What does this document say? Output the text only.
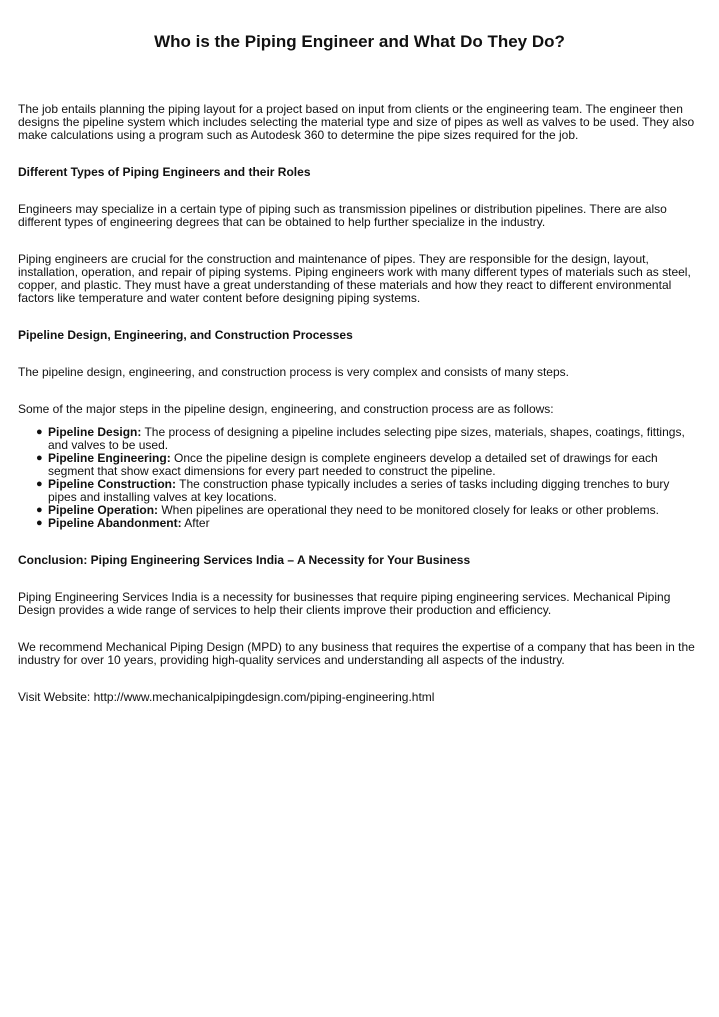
Who is the Piping Engineer and What Do They Do?

The job entails planning the piping layout for a project based on input from clients or the engineering team. The engineer then designs the pipeline system which includes selecting the material type and size of pipes as well as valves to be used. They also make calculations using a program such as Autodesk 360 to determine the pipe sizes required for the job.

Different Types of Piping Engineers and their Roles

Engineers may specialize in a certain type of piping such as transmission pipelines or distribution pipelines. There are also different types of engineering degrees that can be obtained to help further specialize in the industry.

Piping engineers are crucial for the construction and maintenance of pipes. They are responsible for the design, layout, installation, operation, and repair of piping systems. Piping engineers work with many different types of materials such as steel, copper, and plastic. They must have a great understanding of these materials and how they react to different environmental factors like temperature and water content before designing piping systems.

Pipeline Design, Engineering, and Construction Processes

The pipeline design, engineering, and construction process is very complex and consists of many steps.

Some of the major steps in the pipeline design, engineering, and construction process are as follows:

● Pipeline Design: The process of designing a pipeline includes selecting pipe sizes, materials, shapes, coatings, fittings, and valves to be used.
● Pipeline Engineering: Once the pipeline design is complete engineers develop a detailed set of drawings for each segment that show exact dimensions for every part needed to construct the pipeline.
● Pipeline Construction: The construction phase typically includes a series of tasks including digging trenches to bury pipes and installing valves at key locations.
● Pipeline Operation: When pipelines are operational they need to be monitored closely for leaks or other problems.
● Pipeline Abandonment: After
Conclusion: Piping Engineering Services India – A Necessity for Your Business

Piping Engineering Services India is a necessity for businesses that require piping engineering services. Mechanical Piping Design provides a wide range of services to help their clients improve their production and efficiency.

We recommend Mechanical Piping Design (MPD) to any business that requires the expertise of a company that has been in the industry for over 10 years, providing high-quality services and understanding all aspects of the industry.

Visit Website: http://www.mechanicalpipingdesign.com/piping-engineering.html
